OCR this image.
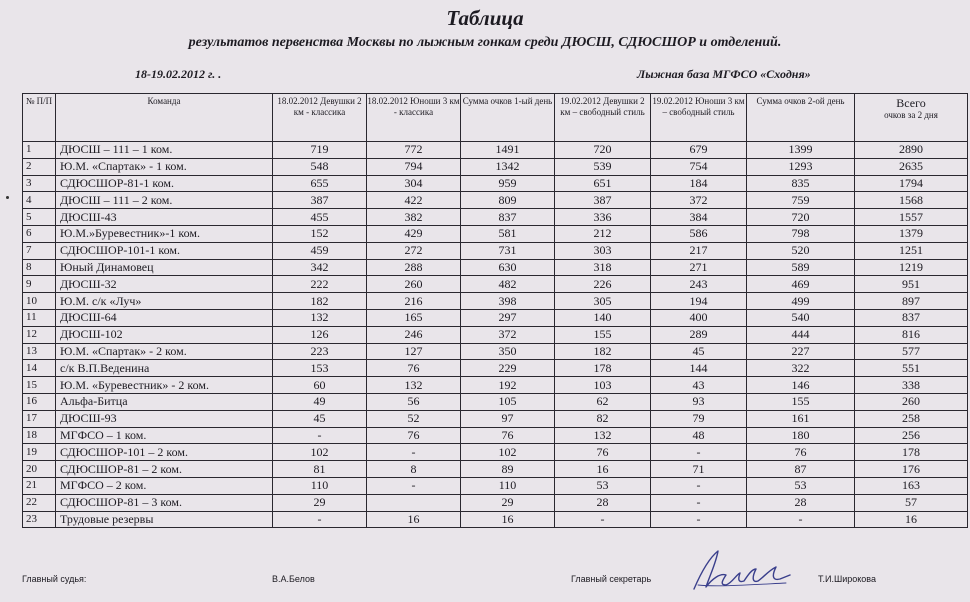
Таблица
результатов первенства Москвы по лыжным гонкам среди ДЮСШ, СДЮСШОР и отделений.
18-19.02.2012 г. .	Лыжная база МГФСО «Сходня»
№ П/П	Команда	18.02.2012 Девушки 2 км - классика	18.02.2012 Юноши 3 км - классика	Сумма очков 1-ый день	19.02.2012 Девушки 2 км – свободный стиль	19.02.2012 Юноши 3 км – свободный стиль	Сумма очков 2-ой день	Всего
очков за 2 дня
1	ДЮСШ – 111 – 1 ком.	719	772	1491	720	679	1399	2890
2	Ю.М. «Спартак» - 1 ком.	548	794	1342	539	754	1293	2635
3	СДЮСШОР-81-1 ком.	655	304	959	651	184	835	1794
4	ДЮСШ – 111 – 2 ком.	387	422	809	387	372	759	1568
5	ДЮСШ-43	455	382	837	336	384	720	1557
6	Ю.М.»Буревестник»-1 ком.	152	429	581	212	586	798	1379
7	СДЮСШОР-101-1 ком.	459	272	731	303	217	520	1251
8	Юный Динамовец	342	288	630	318	271	589	1219
9	ДЮСШ-32	222	260	482	226	243	469	951
10	Ю.М. с/к «Луч»	182	216	398	305	194	499	897
11	ДЮСШ-64	132	165	297	140	400	540	837
12	ДЮСШ-102	126	246	372	155	289	444	816
13	Ю.М. «Спартак» - 2 ком.	223	127	350	182	45	227	577
14	с/к В.П.Веденина	153	76	229	178	144	322	551
15	Ю.М. «Буревестник» - 2 ком.	60	132	192	103	43	146	338
16	Альфа-Битца	49	56	105	62	93	155	260
17	ДЮСШ-93	45	52	97	82	79	161	258
18	МГФСО – 1 ком.	-	76	76	132	48	180	256
19	СДЮСШОР-101 – 2 ком.	102	-	102	76	-	76	178
20	СДЮСШОР-81 – 2 ком.	81	8	89	16	71	87	176
21	МГФСО – 2 ком.	110	-	110	53	-	53	163
22	СДЮСШОР-81 – 3 ком.	29		29	28	-	28	57
23	Трудовые резервы	-	16	16	-	-	-	16
Главный судья:	В.А.Белов	Главный секретарь	Т.И.Широкова
